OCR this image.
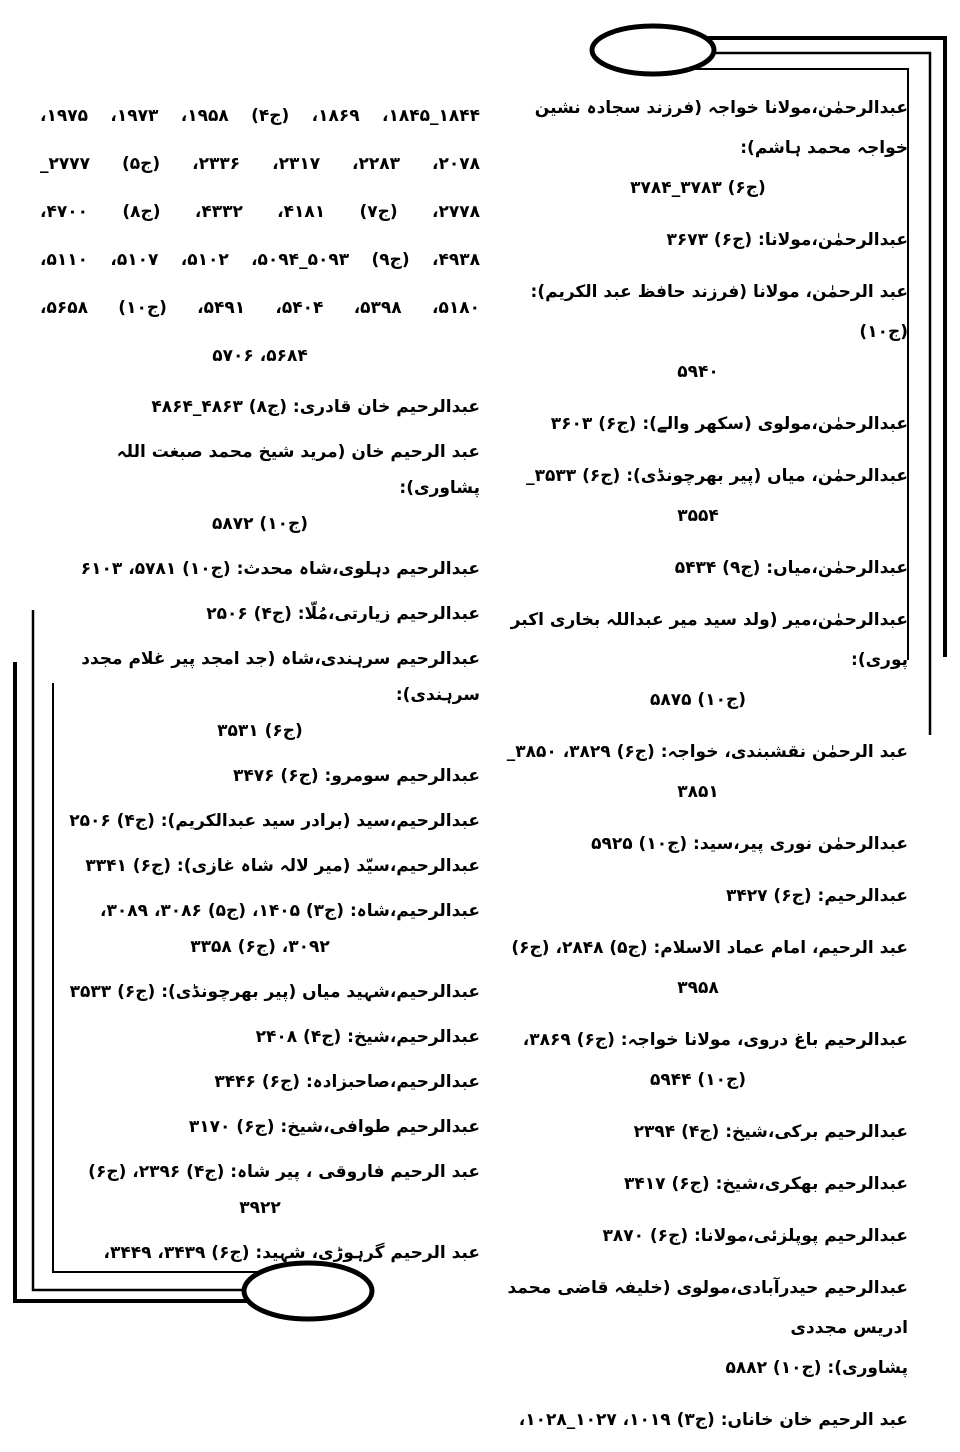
عبدالرحمٰن،مولانا خواجہ (فرزند سجادہ نشین خواجہ محمد ہاشم):
(ج۶) ۳۷۸۳_۳۷۸۴
عبدالرحمٰن،مولانا: (ج۶) ۳۶۷۳
عبد الرحمٰن، مولانا (فرزند حافظ عبد الکریم): (ج۱۰)
۵۹۴۰
عبدالرحمٰن،مولوی (سکھر والے): (ج۶) ۳۶۰۳
عبدالرحمٰن، میاں (پیر بھرچونڈی): (ج۶) ۳۵۳۳_
۳۵۵۴
عبدالرحمٰن،میاں: (ج۹) ۵۴۳۴
عبدالرحمٰن،میر (ولد سید میر عبداللہ بخاری اکبر پوری):
(ج۱۰) ۵۸۷۵
عبد الرحمٰن نقشبندی، خواجہ: (ج۶) ۳۸۲۹، ۳۸۵۰_
۳۸۵۱
عبدالرحمٰن نوری پیر،سید: (ج۱۰) ۵۹۲۵
عبدالرحیم: (ج۶) ۳۴۲۷
عبد الرحیم، امام عماد الاسلام: (ج۵) ۲۸۴۸، (ج۶)
۳۹۵۸
عبدالرحیم باغ دروی، مولانا خواجہ: (ج۶) ۳۸۶۹،
(ج۱۰) ۵۹۴۴
عبدالرحیم برکی،شیخ: (ج۴) ۲۳۹۴
عبدالرحیم بھکری،شیخ: (ج۶) ۳۴۱۷
عبدالرحیم پوپلزئی،مولانا: (ج۶) ۳۸۷۰
عبدالرحیم حیدرآبادی،مولوی (خلیفہ قاضی محمد ادریس مجددی
پشاوری): (ج۱۰) ۵۸۸۲
عبد الرحیم خان خاناں: (ج۳) ۱۰۱۹، ۱۰۲۷_۱۰۲۸،
۱۸۴۴_۱۸۴۵، ۱۸۶۹، (ج۴) ۱۹۵۸، ۱۹۷۳، ۱۹۷۵،
۲۰۷۸، ۲۲۸۳، ۲۳۱۷، ۲۳۳۶، (ج۵) ۲۷۷۷_
۲۷۷۸، (ج۷) ۴۱۸۱، ۴۳۳۲، (ج۸) ۴۷۰۰،
۴۹۳۸، (ج۹) ۵۰۹۳_۵۰۹۴، ۵۱۰۲، ۵۱۰۷، ۵۱۱۰،
۵۱۸۰، ۵۳۹۸، ۵۴۰۴، ۵۴۹۱، (ج۱۰) ۵۶۵۸،
۵۶۸۴، ۵۷۰۶
عبدالرحیم خان قادری: (ج۸) ۴۸۶۳_۴۸۶۴
عبد الرحیم خان (مرید شیخ محمد صبغت اللہ پشاوری):
(ج۱۰) ۵۸۷۲
عبدالرحیم دہلوی،شاہ محدث: (ج۱۰) ۵۷۸۱، ۶۱۰۳
عبدالرحیم زیارتی،مُلّا: (ج۴) ۲۵۰۶
عبدالرحیم سرہندی،شاہ (جد امجد پیر غلام مجدد سرہندی):
(ج۶) ۳۵۳۱
عبدالرحیم سومرو: (ج۶) ۳۴۷۶
عبدالرحیم،سید (برادر سید عبدالکریم): (ج۴) ۲۵۰۶
عبدالرحیم،سیّد (میر لالہ شاہ غازی): (ج۶) ۳۳۴۱
عبدالرحیم،شاہ: (ج۳) ۱۴۰۵، (ج۵) ۳۰۸۶، ۳۰۸۹،
۳۰۹۲، (ج۶) ۳۳۵۸
عبدالرحیم،شہید میاں (پیر بھرچونڈی): (ج۶) ۳۵۳۳
عبدالرحیم،شیخ: (ج۴) ۲۴۰۸
عبدالرحیم،صاحبزادہ: (ج۶) ۳۴۴۶
عبدالرحیم طوافی،شیخ: (ج۶) ۳۱۷۰
عبد الرحیم فاروقی ، پیر شاہ: (ج۴) ۲۳۹۶، (ج۶)
۳۹۲۲
عبد الرحیم گرہوڑی، شہید: (ج۶) ۳۴۳۹، ۳۴۴۹،
